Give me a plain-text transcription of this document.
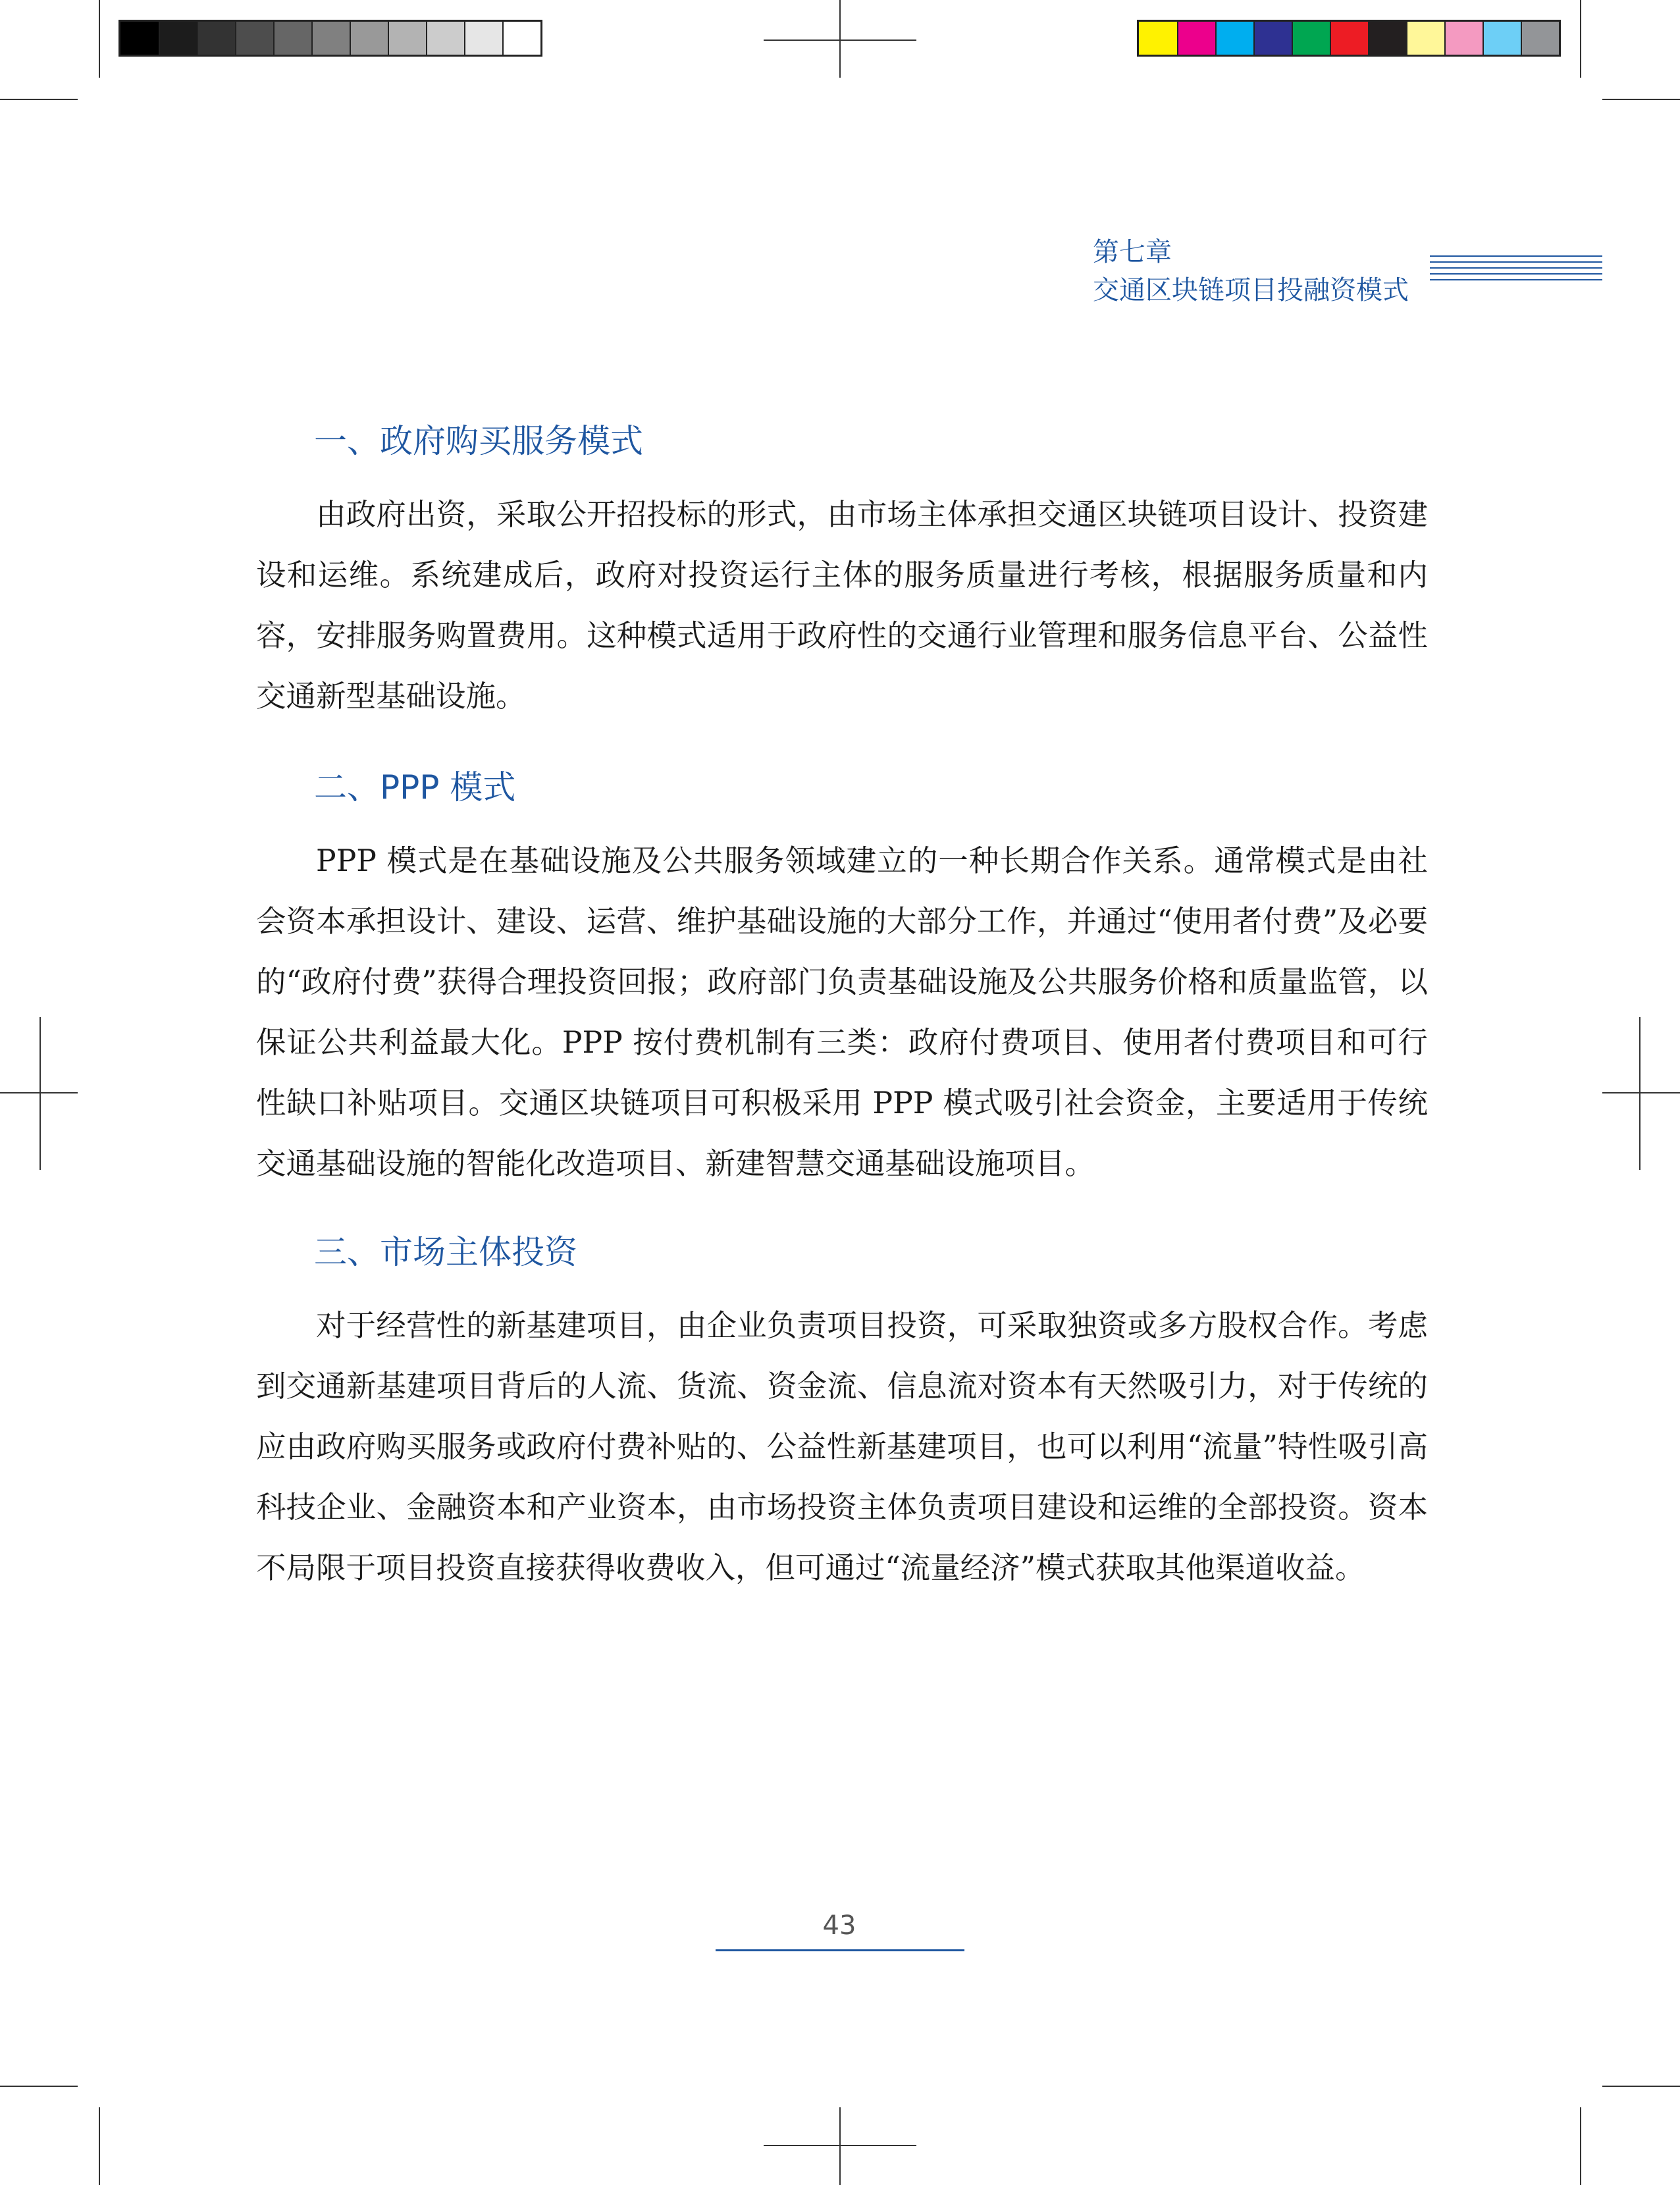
第七章
交通区块链项目投融资模式
一、政府购买服务模式

由政府出资，采取公开招投标的形式，由市场主体承担交通区块链项目设计、投资建设和运维。系统建成后，政府对投资运行主体的服务质量进行考核，根据服务质量和内容，安排服务购置费用。这种模式适用于政府性的交通行业管理和服务信息平台、公益性交通新型基础设施。

二、PPP 模式

PPP 模式是在基础设施及公共服务领域建立的一种长期合作关系。通常模式是由社会资本承担设计、建设、运营、维护基础设施的大部分工作，并通过“使用者付费”及必要的“政府付费”获得合理投资回报；政府部门负责基础设施及公共服务价格和质量监管，以保证公共利益最大化。PPP 按付费机制有三类：政府付费项目、使用者付费项目和可行性缺口补贴项目。交通区块链项目可积极采用 PPP 模式吸引社会资金，主要适用于传统交通基础设施的智能化改造项目、新建智慧交通基础设施项目。

三、市场主体投资

对于经营性的新基建项目，由企业负责项目投资，可采取独资或多方股权合作。考虑到交通新基建项目背后的人流、货流、资金流、信息流对资本有天然吸引力，对于传统的应由政府购买服务或政府付费补贴的、公益性新基建项目，也可以利用“流量”特性吸引高科技企业、金融资本和产业资本，由市场投资主体负责项目建设和运维的全部投资。资本不局限于项目投资直接获得收费收入，但可通过“流量经济”模式获取其他渠道收益。

43
